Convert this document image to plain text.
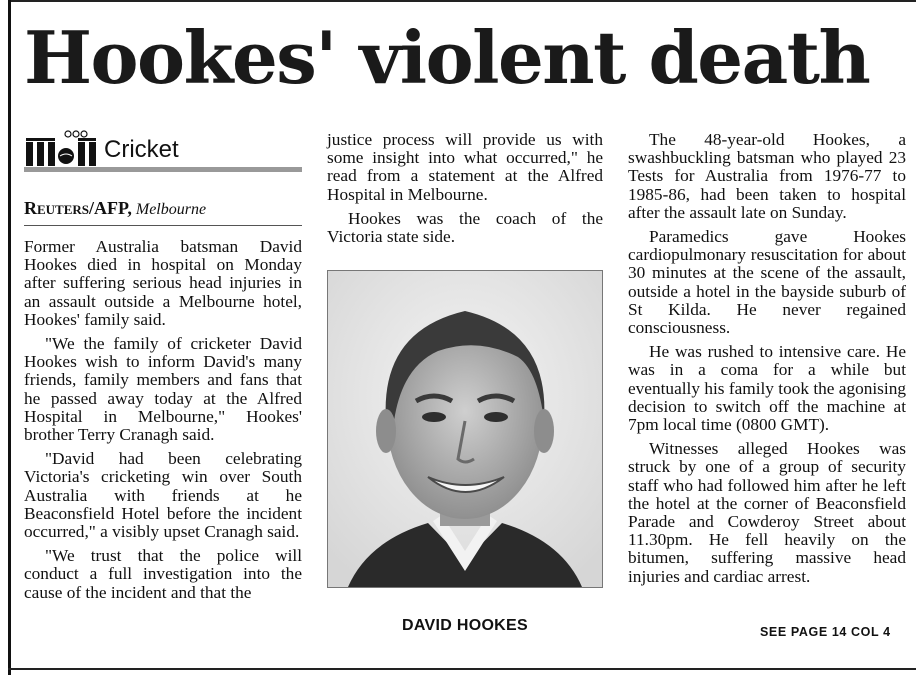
Hookes' violent death
Cricket
Reuters/AFP, Melbourne

Former Australia batsman David Hookes died in hospital on Monday after suffering serious head injuries in an assault outside a Melbourne hotel, Hookes' family said.

"We the family of cricketer David Hookes wish to inform David's many friends, family members and fans that he passed away today at the Alfred Hospital in Melbourne," Hookes' brother Terry Cranagh said.

"David had been celebrating Victoria's cricketing win over South Australia with friends at he Beaconsfield Hotel before the incident occurred," a visibly upset Cranagh said.

"We trust that the police will conduct a full investigation into the cause of the incident and that the

justice process will provide us with some insight into what occurred," he read from a statement at the Alfred Hospital in Melbourne.

Hookes was the coach of the Victoria state side.

DAVID HOOKES

The 48-year-old Hookes, a swashbuckling batsman who played 23 Tests for Australia from 1976-77 to 1985-86, had been taken to hospital after the assault late on Sunday.

Paramedics gave Hookes cardiopulmonary resuscitation for about 30 minutes at the scene of the assault, outside a hotel in the bayside suburb of St Kilda. He never regained consciousness.

He was rushed to intensive care. He was in a coma for a while but eventually his family took the agonising decision to switch off the machine at 7pm local time (0800 GMT).

Witnesses alleged Hookes was struck by one of a group of security staff who had followed him after he left the hotel at the corner of Beaconsfield Parade and Cowderoy Street about 11.30pm. He fell heavily on the bitumen, suffering massive head injuries and cardiac arrest.

SEE PAGE 14 COL 4
